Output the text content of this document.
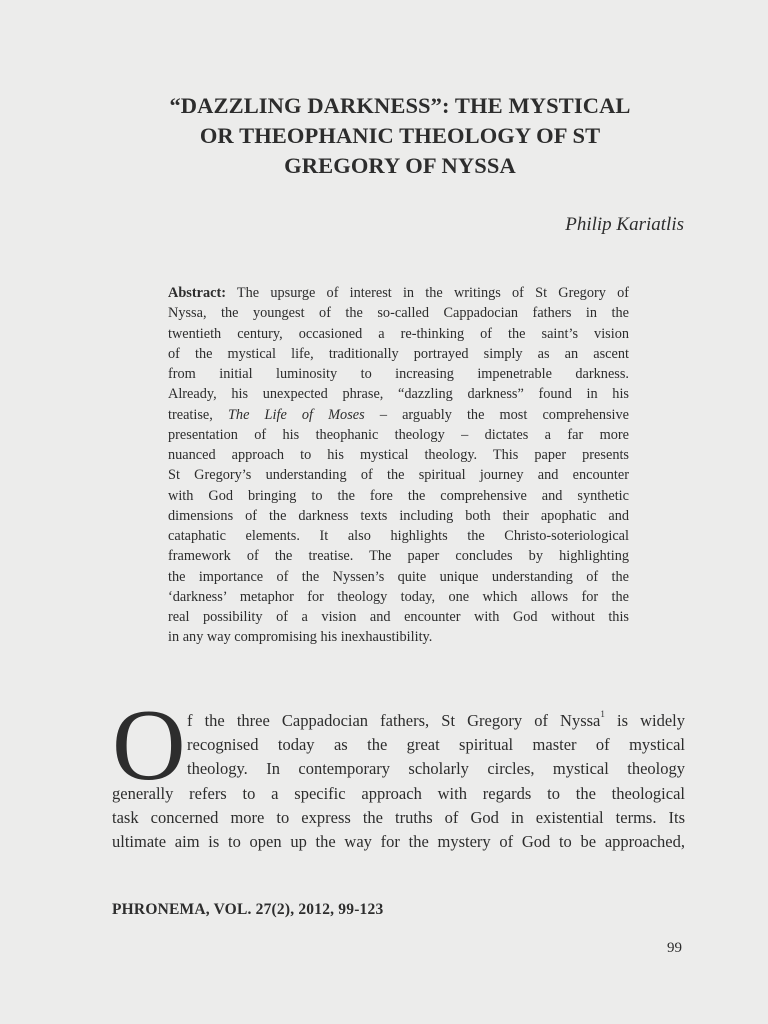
“DAZZLING DARKNESS”: THE MYSTICAL
OR THEOPHANIC THEOLOGY OF ST
GREGORY OF NYSSA
Philip Kariatlis
Abstract: The upsurge of interest in the writings of St Gregory of
Nyssa, the youngest of the so-called Cappadocian fathers in the
twentieth century, occasioned a re-thinking of the saint’s vision
of the mystical life, traditionally portrayed simply as an ascent
from initial luminosity to increasing impenetrable darkness.
Already, his unexpected phrase, “dazzling darkness” found in his
treatise, The Life of Moses – arguably the most comprehensive
presentation of his theophanic theology – dictates a far more
nuanced approach to his mystical theology. This paper presents
St Gregory’s understanding of the spiritual journey and encounter
with God bringing to the fore the comprehensive and synthetic
dimensions of the darkness texts including both their apophatic and
cataphatic elements. It also highlights the Christo-soteriological
framework of the treatise. The paper concludes by highlighting
the importance of the Nyssen’s quite unique understanding of the
‘darkness’ metaphor for theology today, one which allows for the
real possibility of a vision and encounter with God without this
in any way compromising his inexhaustibility.
O f the three Cappadocian fathers, St Gregory of Nyssa$^1$ is widely
recognised today as the great spiritual master of mystical
theology. In contemporary scholarly circles, mystical theology
generally refers to a specific approach with regards to the theological
task concerned more to express the truths of God in existential terms. Its
ultimate aim is to open up the way for the mystery of God to be approached,
PHRONEMA, VOL. 27(2), 2012, 99-123
99
